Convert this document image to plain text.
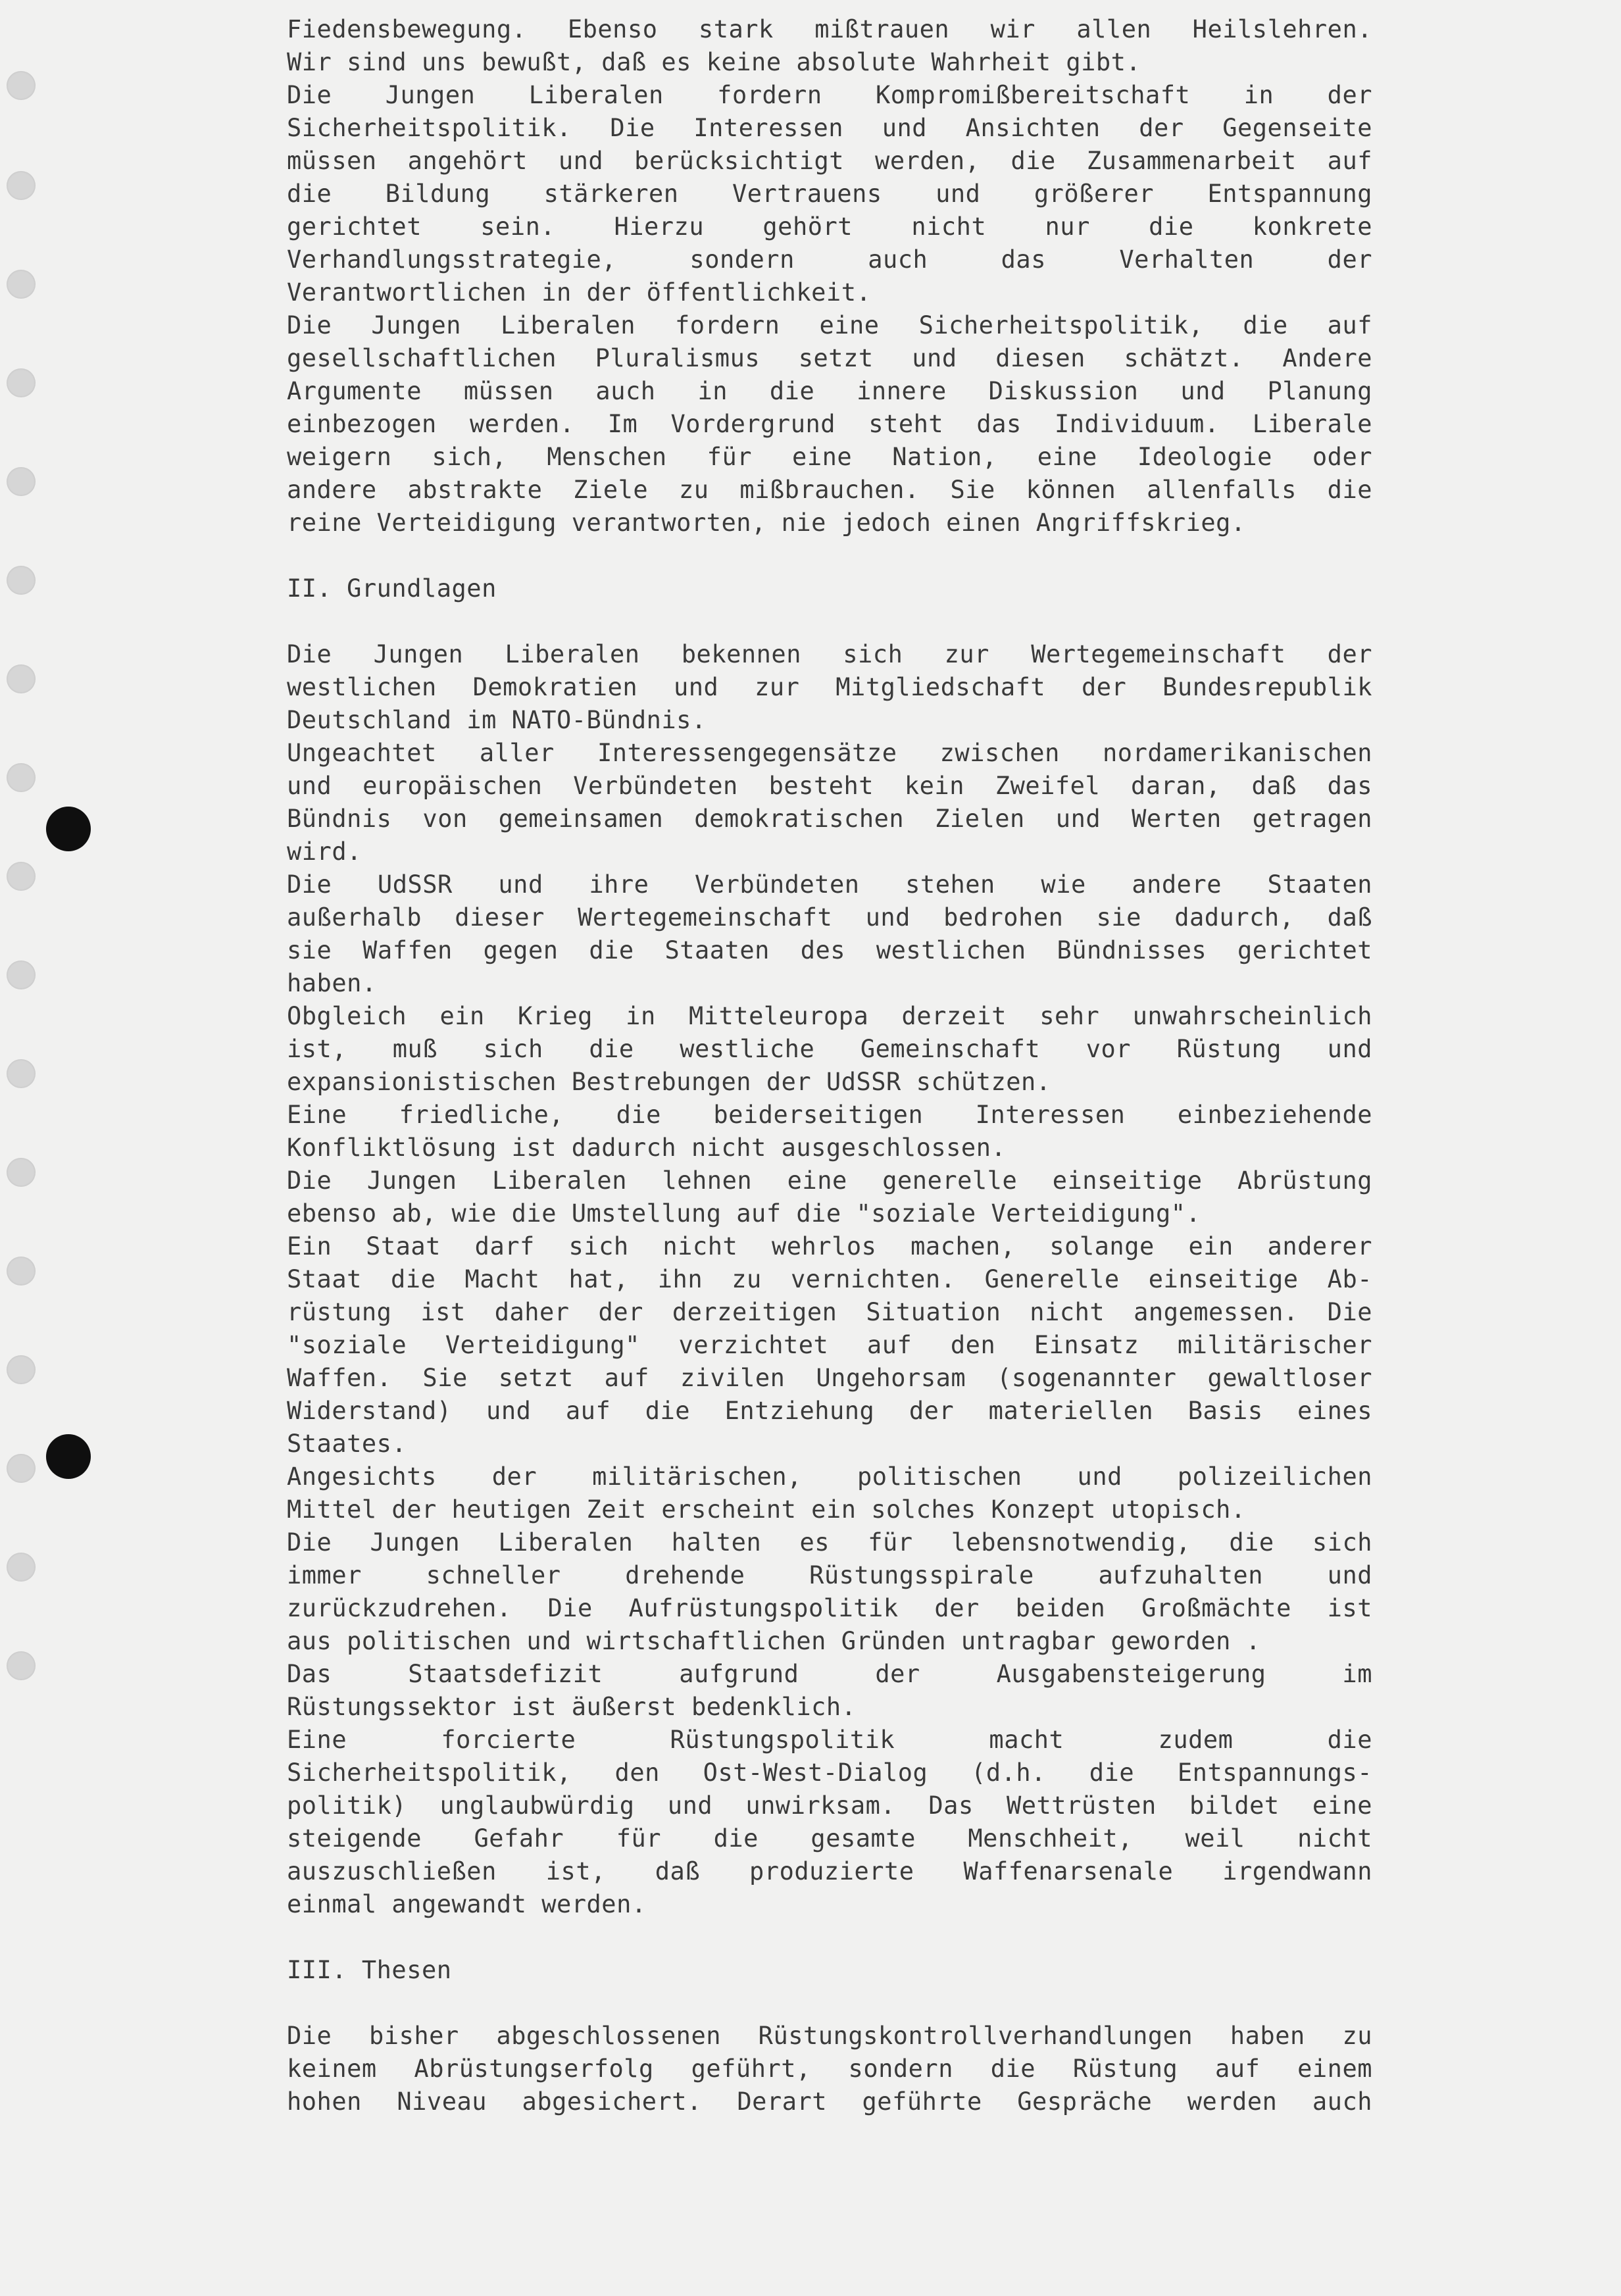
Fiedensbewegung. Ebenso stark mißtrauen wir allen Heilslehren.
Wir sind uns bewußt, daß es keine absolute Wahrheit gibt.
Die Jungen Liberalen fordern Kompromißbereitschaft in der
Sicherheitspolitik. Die Interessen und Ansichten der Gegenseite
müssen angehört und berücksichtigt werden, die Zusammenarbeit auf
die Bildung stärkeren Vertrauens und größerer Entspannung
gerichtet sein. Hierzu gehört nicht nur die konkrete
Verhandlungsstrategie, sondern auch das Verhalten der
Verantwortlichen in der öffentlichkeit.
Die Jungen Liberalen fordern eine Sicherheitspolitik, die auf
gesellschaftlichen Pluralismus setzt und diesen schätzt. Andere
Argumente müssen auch in die innere Diskussion und Planung
einbezogen werden. Im Vordergrund steht das Individuum. Liberale
weigern sich, Menschen für eine Nation, eine Ideologie oder
andere abstrakte Ziele zu mißbrauchen. Sie können allenfalls die
reine Verteidigung verantworten, nie jedoch einen Angriffskrieg.
II. Grundlagen
Die Jungen Liberalen bekennen sich zur Wertegemeinschaft der
westlichen Demokratien und zur Mitgliedschaft der Bundesrepublik
Deutschland im NATO-Bündnis.
Ungeachtet aller Interessengegensätze zwischen nordamerikanischen
und europäischen Verbündeten besteht kein Zweifel daran, daß das
Bündnis von gemeinsamen demokratischen Zielen und Werten getragen
wird.
Die UdSSR und ihre Verbündeten stehen wie andere Staaten
außerhalb dieser Wertegemeinschaft und bedrohen sie dadurch, daß
sie Waffen gegen die Staaten des westlichen Bündnisses gerichtet
haben.
Obgleich ein Krieg in Mitteleuropa derzeit sehr unwahrscheinlich
ist, muß sich die westliche Gemeinschaft vor Rüstung und
expansionistischen Bestrebungen der UdSSR schützen.
Eine friedliche, die beiderseitigen Interessen einbeziehende
Konfliktlösung ist dadurch nicht ausgeschlossen.
Die Jungen Liberalen lehnen eine generelle einseitige Abrüstung
ebenso ab, wie die Umstellung auf die "soziale Verteidigung".
Ein Staat darf sich nicht wehrlos machen, solange ein anderer
Staat die Macht hat, ihn zu vernichten. Generelle einseitige Ab-
rüstung ist daher der derzeitigen Situation nicht angemessen. Die
"soziale Verteidigung" verzichtet auf den Einsatz militärischer
Waffen. Sie setzt auf zivilen Ungehorsam (sogenannter gewaltloser
Widerstand) und auf die Entziehung der materiellen Basis eines
Staates.
Angesichts der militärischen, politischen und polizeilichen
Mittel der heutigen Zeit erscheint ein solches Konzept utopisch.
Die Jungen Liberalen halten es für lebensnotwendig, die sich
immer schneller drehende Rüstungsspirale aufzuhalten und
zurückzudrehen. Die Aufrüstungspolitik der beiden Großmächte ist
aus politischen und wirtschaftlichen Gründen untragbar geworden .
Das Staatsdefizit aufgrund der Ausgabensteigerung im
Rüstungssektor ist äußerst bedenklich.
Eine forcierte Rüstungspolitik macht zudem die
Sicherheitspolitik, den Ost-West-Dialog (d.h. die Entspannungs-
politik) unglaubwürdig und unwirksam. Das Wettrüsten bildet eine
steigende Gefahr für die gesamte Menschheit, weil nicht
auszuschließen ist, daß produzierte Waffenarsenale irgendwann
einmal angewandt werden.
III. Thesen
Die bisher abgeschlossenen Rüstungskontrollverhandlungen haben zu
keinem Abrüstungserfolg geführt, sondern die Rüstung auf einem
hohen Niveau abgesichert. Derart geführte Gespräche werden auch
